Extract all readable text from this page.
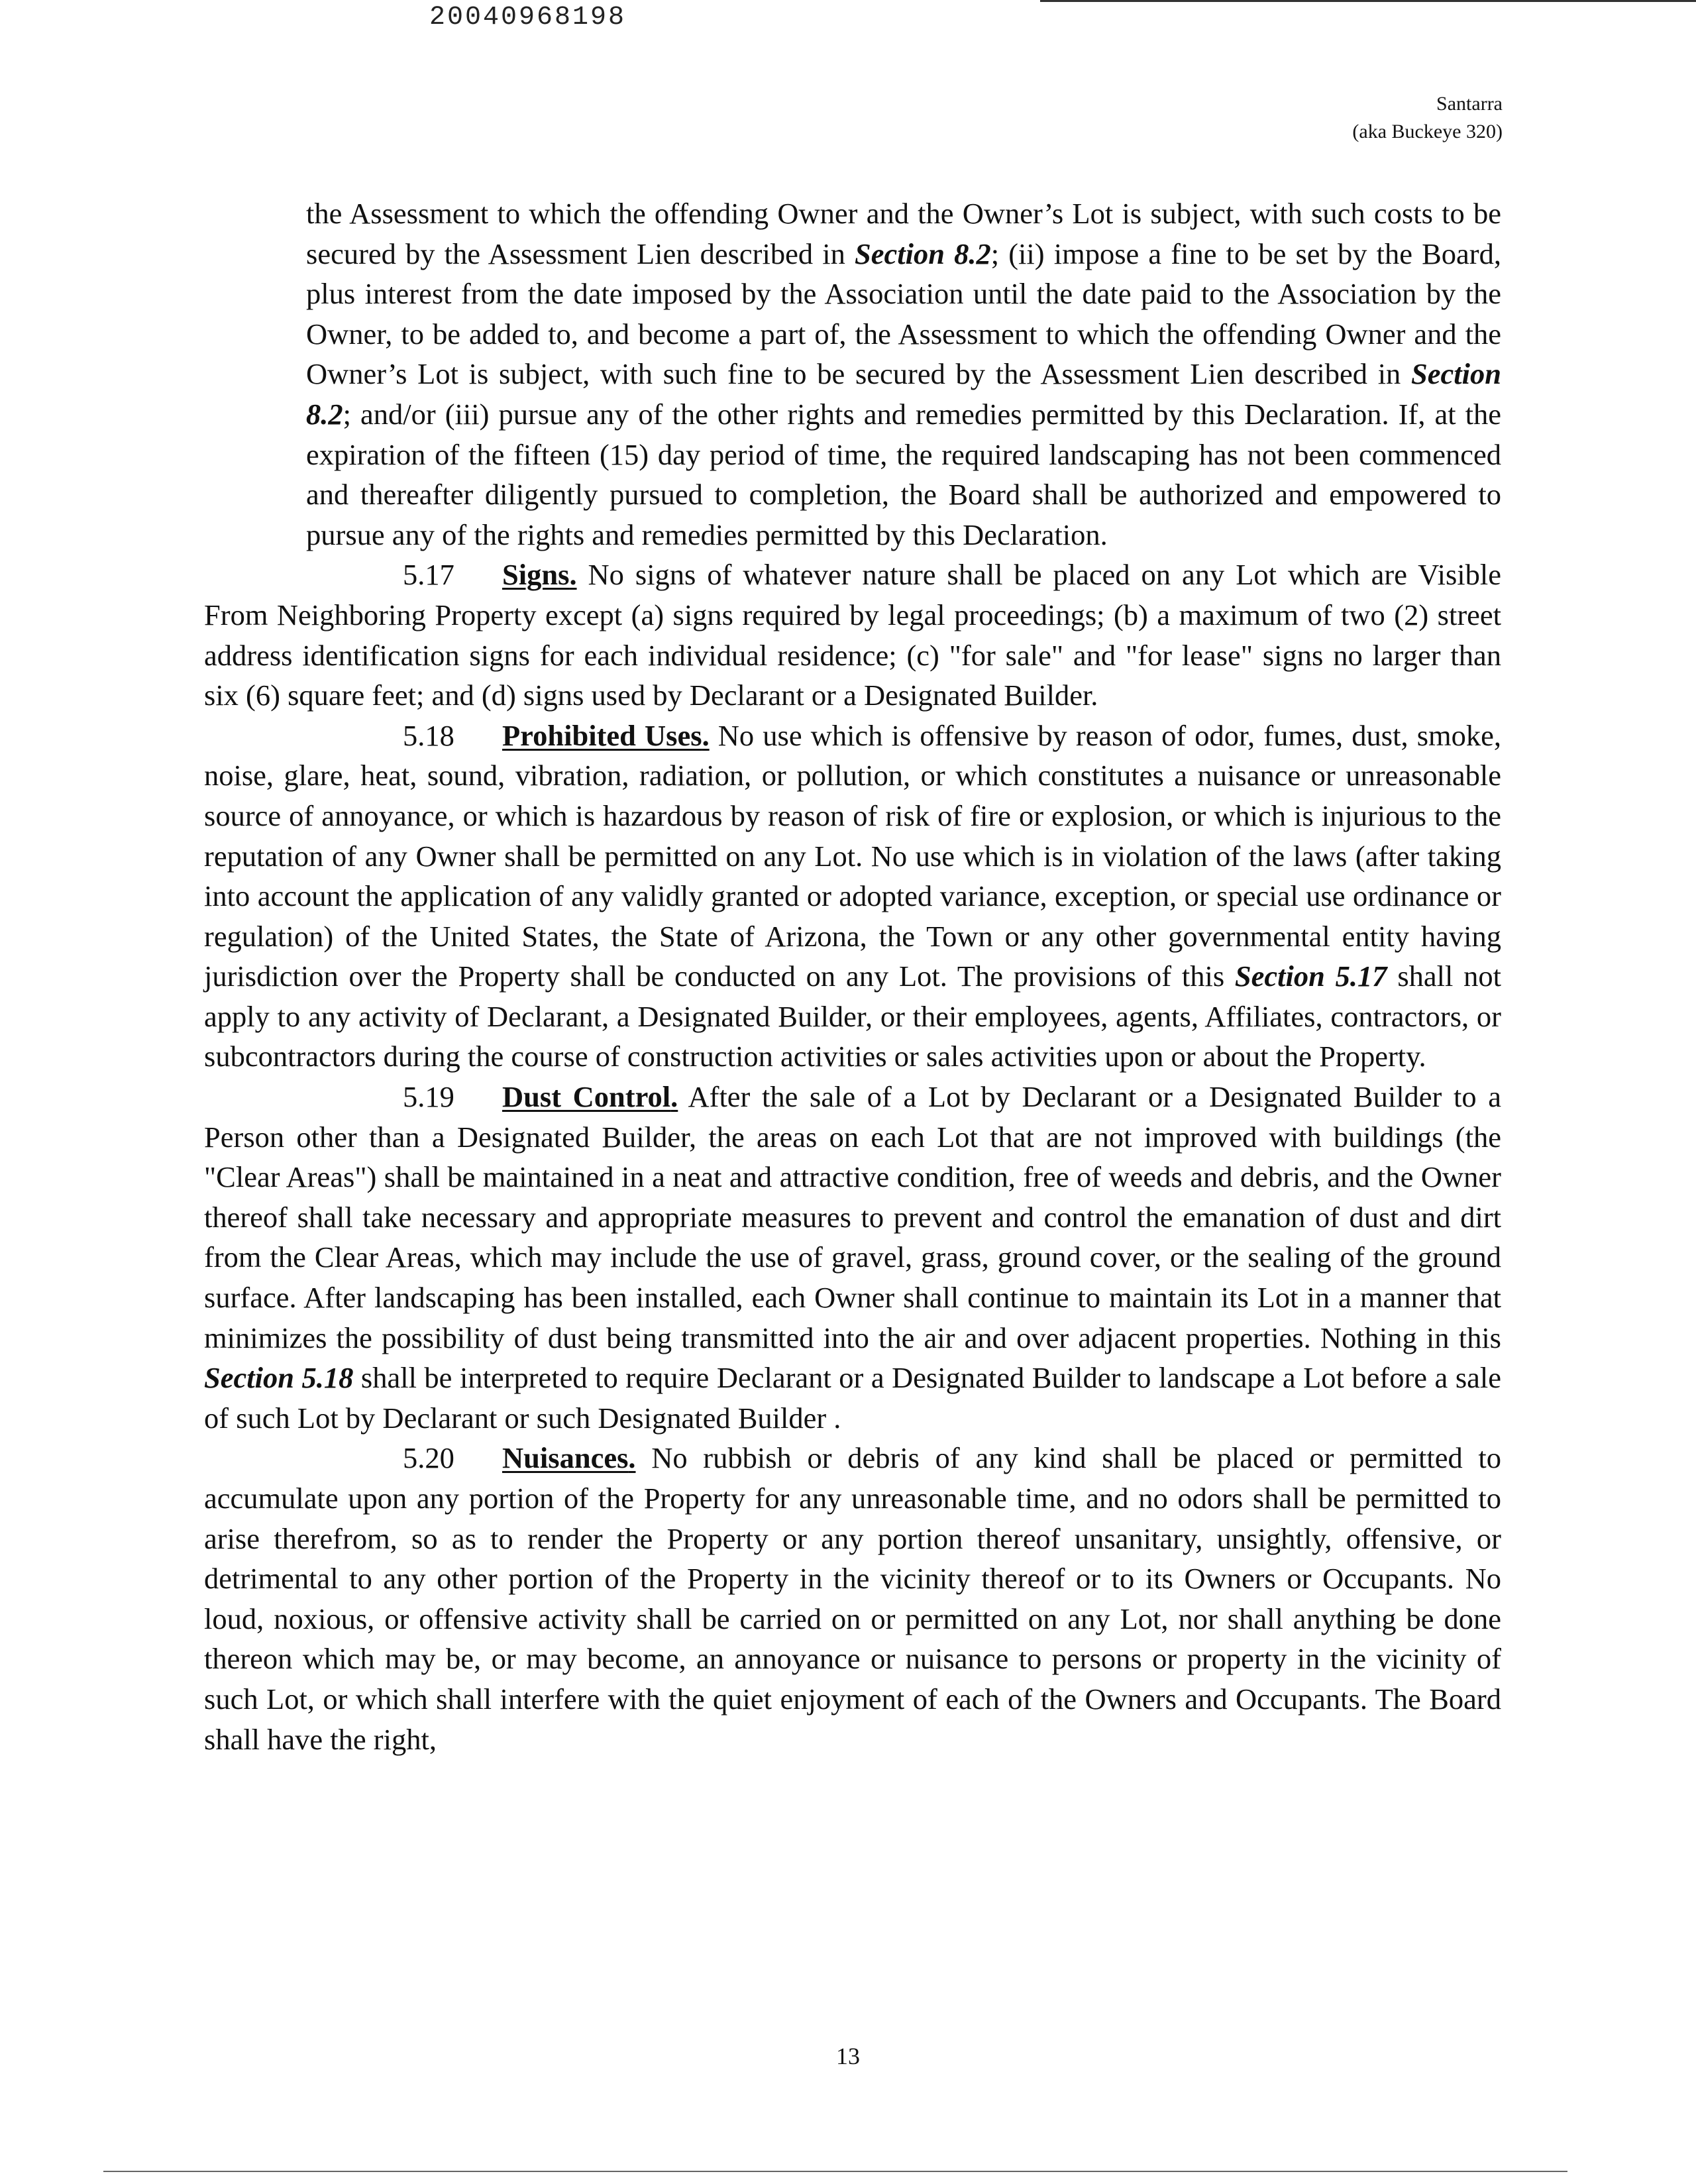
20040968198
Santarra
(aka Buckeye 320)

the Assessment to which the offending Owner and the Owner’s Lot is subject, with such costs to be secured by the Assessment Lien described in Section 8.2; (ii) impose a fine to be set by the Board, plus interest from the date imposed by the Association until the date paid to the Association by the Owner, to be added to, and become a part of, the Assessment to which the offending Owner and the Owner’s Lot is subject, with such fine to be secured by the Assessment Lien described in Section 8.2; and/or (iii) pursue any of the other rights and remedies permitted by this Declaration. If, at the expiration of the fifteen (15) day period of time, the required landscaping has not been commenced and thereafter diligently pursued to completion, the Board shall be authorized and empowered to pursue any of the rights and remedies permitted by this Declaration.

5.17 Signs. No signs of whatever nature shall be placed on any Lot which are Visible From Neighboring Property except (a) signs required by legal proceedings; (b) a maximum of two (2) street address identification signs for each individual residence; (c) "for sale" and "for lease" signs no larger than six (6) square feet; and (d) signs used by Declarant or a Designated Builder.

5.18 Prohibited Uses. No use which is offensive by reason of odor, fumes, dust, smoke, noise, glare, heat, sound, vibration, radiation, or pollution, or which constitutes a nuisance or unreasonable source of annoyance, or which is hazardous by reason of risk of fire or explosion, or which is injurious to the reputation of any Owner shall be permitted on any Lot. No use which is in violation of the laws (after taking into account the application of any validly granted or adopted variance, exception, or special use ordinance or regulation) of the United States, the State of Arizona, the Town or any other governmental entity having jurisdiction over the Property shall be conducted on any Lot. The provisions of this Section 5.17 shall not apply to any activity of Declarant, a Designated Builder, or their employees, agents, Affiliates, contractors, or subcontractors during the course of construction activities or sales activities upon or about the Property.

5.19 Dust Control. After the sale of a Lot by Declarant or a Designated Builder to a Person other than a Designated Builder, the areas on each Lot that are not improved with buildings (the "Clear Areas") shall be maintained in a neat and attractive condition, free of weeds and debris, and the Owner thereof shall take necessary and appropriate measures to prevent and control the emanation of dust and dirt from the Clear Areas, which may include the use of gravel, grass, ground cover, or the sealing of the ground surface. After landscaping has been installed, each Owner shall continue to maintain its Lot in a manner that minimizes the possibility of dust being transmitted into the air and over adjacent properties. Nothing in this Section 5.18 shall be interpreted to require Declarant or a Designated Builder to landscape a Lot before a sale of such Lot by Declarant or such Designated Builder .

5.20 Nuisances. No rubbish or debris of any kind shall be placed or permitted to accumulate upon any portion of the Property for any unreasonable time, and no odors shall be permitted to arise therefrom, so as to render the Property or any portion thereof unsanitary, unsightly, offensive, or detrimental to any other portion of the Property in the vicinity thereof or to its Owners or Occupants. No loud, noxious, or offensive activity shall be carried on or permitted on any Lot, nor shall anything be done thereon which may be, or may become, an annoyance or nuisance to persons or property in the vicinity of such Lot, or which shall interfere with the quiet enjoyment of each of the Owners and Occupants. The Board shall have the right,

13
